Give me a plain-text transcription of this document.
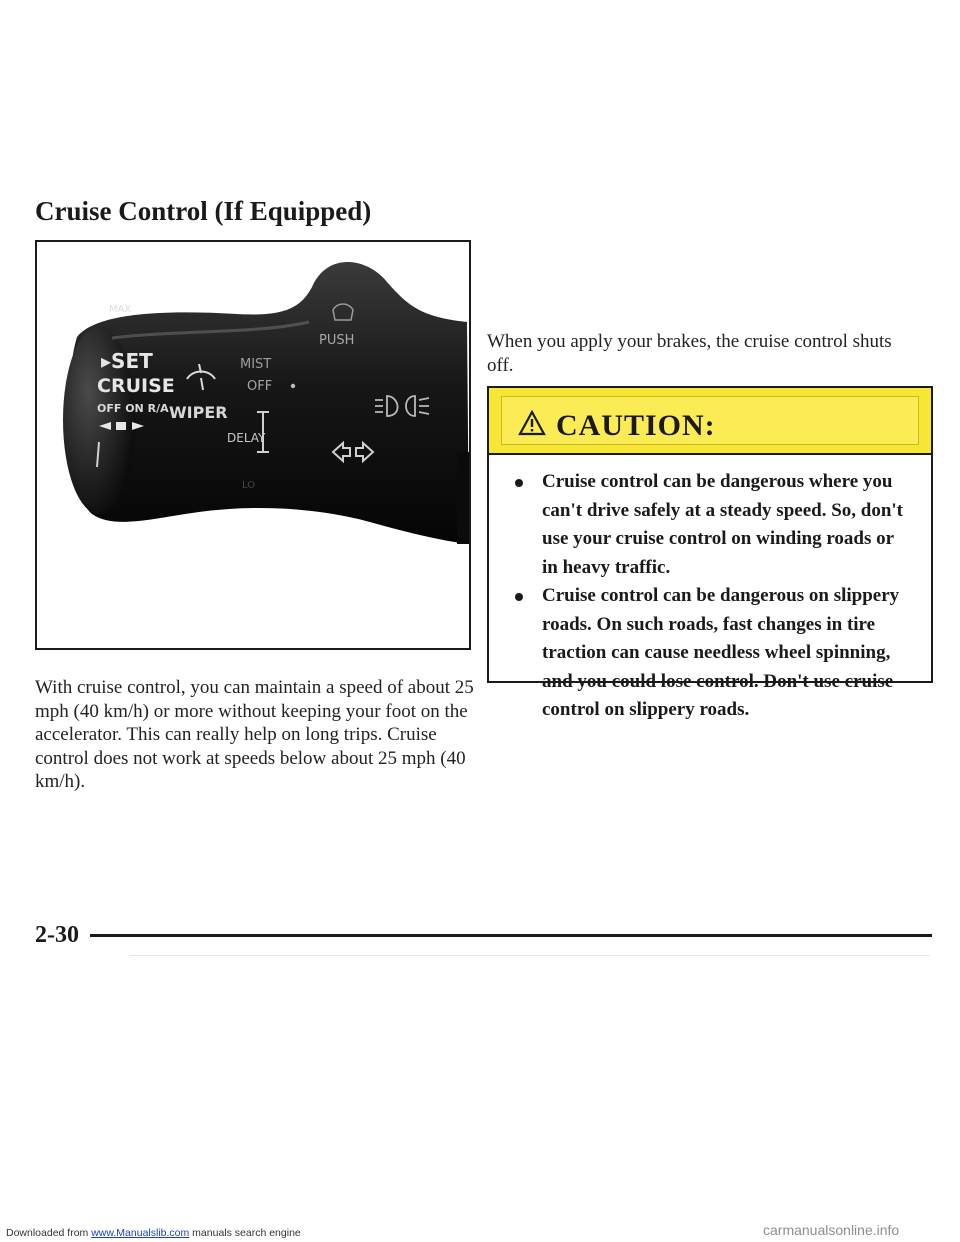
Cruise Control (If Equipped)
MAX
▸SET
CRUISE
OFF ON R/A WIPER
MIST
OFF
DELAY
PUSH
LO

With cruise control, you can maintain a speed of about 25 mph (40 km/h) or more without keeping your foot on the accelerator. This can really help on long trips. Cruise control does not work at speeds below about 25 mph (40 km/h).

When you apply your brakes, the cruise control shuts off.

CAUTION:
Cruise control can be dangerous where you can't drive safely at a steady speed. So, don't use your cruise control on winding roads or in heavy traffic.
Cruise control can be dangerous on slippery roads. On such roads, fast changes in tire traction can cause needless wheel spinning, and you could lose control. Don't use cruise control on slippery roads.

2-30

Downloaded from www.Manualslib.com manuals search engine	carmanualsonline.info
